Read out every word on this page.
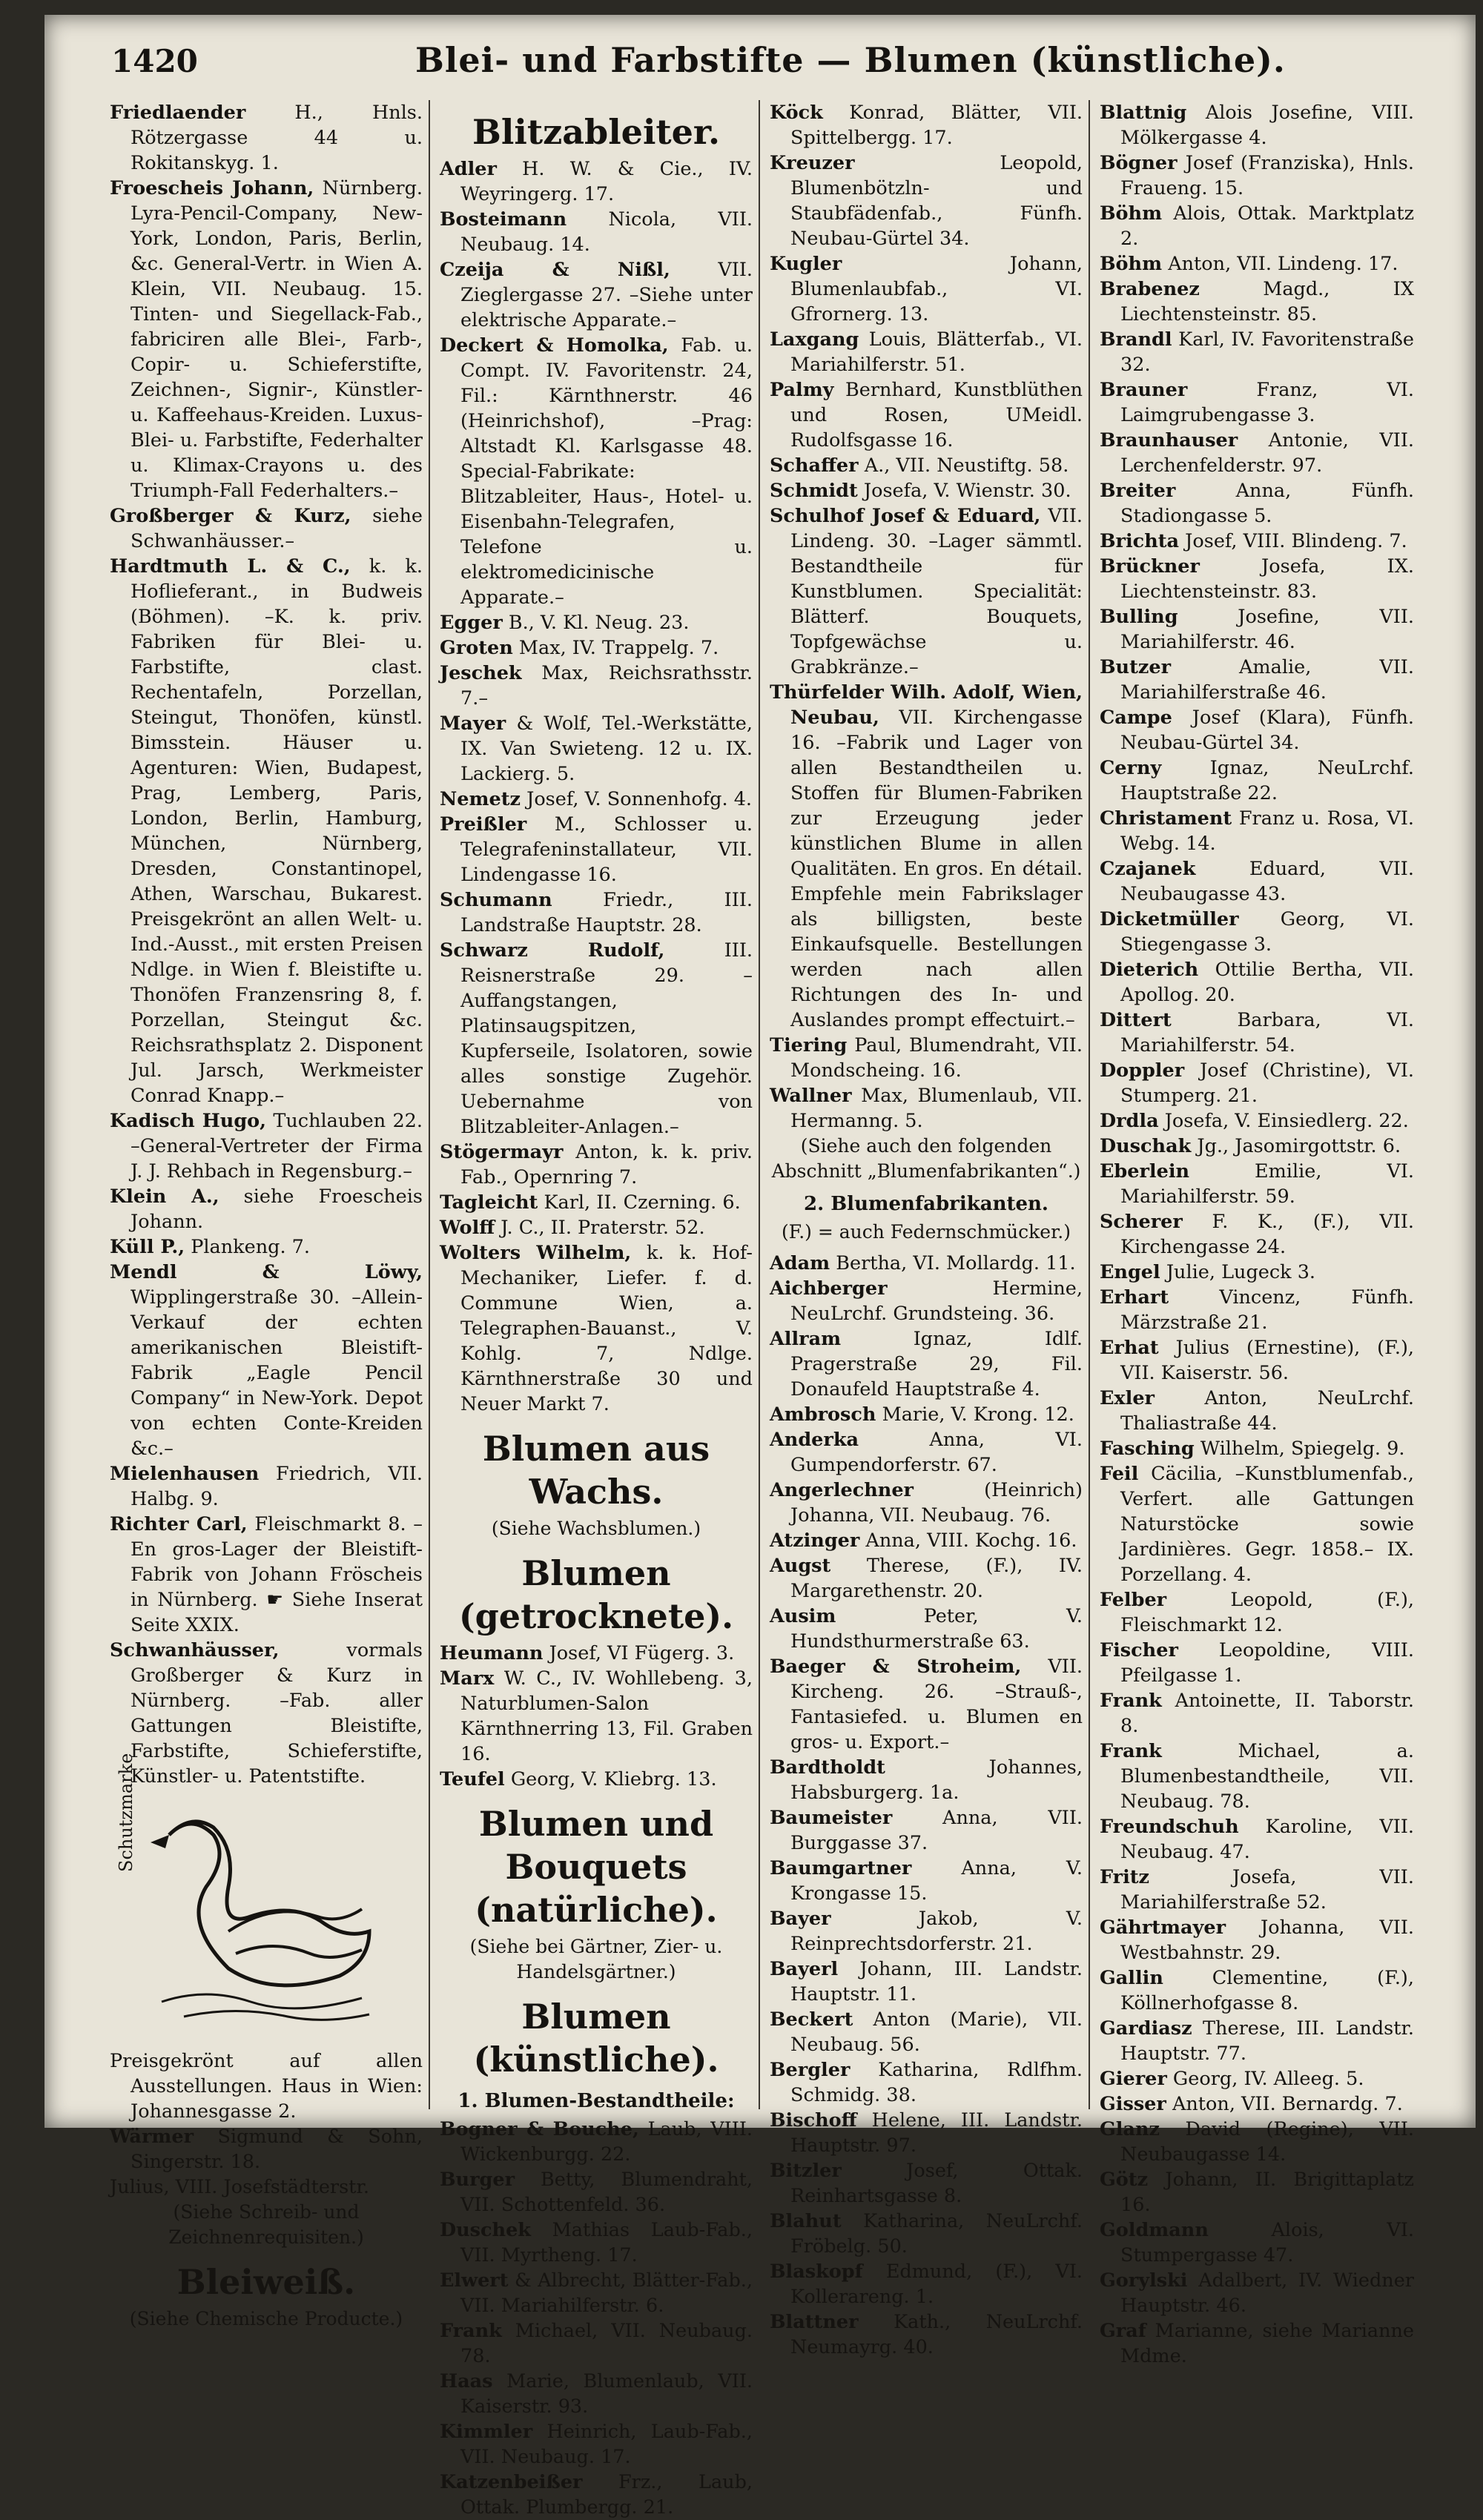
1420	Blei- und Farbstifte — Blumen (künstliche).

Friedlaender	H., Hnls. Rötzergasse 44 u. Rokitanskyg. 1.

Froescheis Johann, Nürnberg. Lyra-Pencil-Company, New-York, London, Paris, Berlin, &c. General-Vertr. in Wien A. Klein, VII. Neubaug. 15. Tinten- und Siegellack-Fab., fabriciren alle Blei-, Farb-, Copir- u. Schieferstifte, Zeichnen-, Signir-, Künstler- u. Kaffeehaus-Kreiden. Luxus-Blei- u. Farbstifte, Federhalter u. Klimax-Crayons u. des Triumph-Fall Federhalters.–

Großberger & Kurz, siehe Schwanhäusser.–

Hardtmuth L. & C., k. k. Hoflieferant., in Budweis (Böhmen). –K. k. priv. Fabriken für Blei- u. Farbstifte, clast. Rechentafeln, Porzellan, Steingut, Thonöfen, künstl. Bimsstein. Häuser u. Agenturen: Wien, Budapest, Prag, Lemberg, Paris, London, Berlin, Hamburg, München, Nürnberg, Dresden, Constantinopel, Athen, Warschau, Bukarest. Preisgekrönt an allen Welt- u. Ind.-Ausst., mit ersten Preisen Ndlge. in Wien f. Bleistifte u. Thonöfen Franzensring 8, f. Porzellan, Steingut &c. Reichsrathsplatz 2. Disponent Jul. Jarsch, Werkmeister Conrad Knapp.–

Kadisch Hugo, Tuchlauben 22. –General-Vertreter der Firma J. J. Rehbach in Regensburg.–

Klein A., siehe Froescheis Johann.

Küll P., Plankeng. 7.

Mendl & Löwy, Wipplingerstraße 30. –Allein-Verkauf der echten amerikanischen Bleistift-Fabrik „Eagle Pencil Company“ in New-York. Depot von echten Conte-Kreiden &c.–

Mielenhausen Friedrich, VII. Halbg. 9.

Richter Carl, Fleischmarkt 8. –En gros-Lager der Bleistift-Fabrik von Johann Fröscheis in Nürnberg. ☛ Siehe Inserat Seite XXIX.

Schwanhäusser,	vormals Großberger & Kurz in Nürnberg. –Fab. aller Gattungen Bleistifte, Farbstifte, Schieferstifte, Künstler- u. Patentstifte.

Schutzmarke

Preisgekrönt auf allen Ausstellungen. Haus in Wien: Johannesgasse 2.

Wärmer Sigmund & Sohn, Singerstr. 18.

Julius, VIII. Josefstädterstr.

(Siehe Schreib- und Zeichnenrequisiten.)
Bleiweiß.
(Siehe Chemische Producte.)
Blitzableiter.

Adler H. W. & Cie., IV. Weyringerg. 17.

Bosteimann Nicola, VII. Neubaug. 14.

Czeija & Nißl,	VII. Zieglergasse 27. –Siehe unter elektrische Apparate.–

Deckert & Homolka, Fab. u. Compt. IV. Favoritenstr. 24, Fil.: Kärnthnerstr. 46 (Heinrichshof), –Prag: Altstadt Kl. Karlsgasse 48. Special-Fabrikate: Blitzableiter, Haus-, Hotel- u. Eisenbahn-Telegrafen, Telefone u. elektromedicinische Apparate.–

Egger B., V. Kl. Neug. 23.

Groten Max, IV. Trappelg. 7.

Jeschek Max, Reichsrathsstr. 7.–

Mayer & Wolf, Tel.-Werkstätte, IX. Van Swieteng. 12 u. IX. Lackierg. 5.

Nemetz Josef, V. Sonnenhofg. 4.

Preißler M., Schlosser u. Telegrafeninstallateur, VII. Lindengasse 16.

Schumann	Friedr., III. Landstraße Hauptstr. 28.

Schwarz Rudolf,	III. Reisnerstraße 29. –Auffangstangen, Platinsaugspitzen, Kupferseile, Isolatoren, sowie alles sonstige Zugehör. Uebernahme von Blitzableiter-Anlagen.–

Stögermayr Anton, k. k. priv. Fab., Opernring 7.

Tagleicht Karl, II. Czerning. 6.

Wolff J. C., II. Praterstr. 52.

Wolters Wilhelm, k. k. Hof-Mechaniker, Liefer. f. d. Commune Wien, a. Telegraphen-Bauanst., V. Kohlg. 7, Ndlge. Kärnthnerstraße 30 und Neuer Markt 7.

Blumen aus Wachs.
(Siehe Wachsblumen.)
Blumen (getrocknete).

Heumann Josef, VI Fügerg. 3.

Marx W. C., IV. Wohllebeng. 3, Naturblumen-Salon Kärnthnerring 13, Fil. Graben 16.

Teufel Georg, V. Kliebrg. 13.

Blumen und Bouquets (natürliche).
(Siehe bei Gärtner, Zier- u. Handelsgärtner.)
Blumen (künstliche).
1. Blumen-Bestandtheile:

Bogner & Bouche, Laub, VIII. Wickenburgg. 22.

Burger Betty, Blumendraht, VII. Schottenfeld. 36.

Duschek Mathias Laub-Fab., VII. Myrtheng. 17.

Elwert & Albrecht, Blätter-Fab., VII. Mariahilferstr. 6.

Frank Michael, VII. Neubaug. 78.

Haas Marie, Blumenlaub, VII. Kaiserstr. 93.

Kimmler Heinrich, Laub-Fab., VII. Neubaug. 17.

Katzenbeißer Frz., Laub, Ottak. Plumbergg. 21.

Köck Konrad, Blätter, VII. Spittelbergg. 17.

Kreuzer	Leopold, Blumenbötzln- und Staubfädenfab., Fünfh. Neubau-Gürtel 34.

Kugler	Johann, Blumenlaubfab., VI. Gfrornerg. 13.

Laxgang Louis, Blätterfab., VI. Mariahilferstr. 51.

Palmy Bernhard, Kunstblüthen und Rosen, UMeidl. Rudolfsgasse 16.

Schaffer A., VII. Neustiftg. 58.

Schmidt Josefa, V. Wienstr. 30.

Schulhof Josef & Eduard, VII. Lindeng. 30. –Lager sämmtl. Bestandtheile für Kunstblumen. Specialität: Blätterf. Bouquets, Topfgewächse u. Grabkränze.–

Thürfelder Wilh. Adolf, Wien, Neubau, VII. Kirchengasse 16. –Fabrik und Lager von allen Bestandtheilen u. Stoffen für Blumen-Fabriken zur Erzeugung jeder künstlichen Blume in allen Qualitäten. En gros. En détail. Empfehle mein Fabrikslager als billigsten, beste Einkaufsquelle. Bestellungen werden nach allen Richtungen des In- und Auslandes prompt effectuirt.–

Tiering Paul, Blumendraht, VII. Mondscheing. 16.

Wallner Max, Blumenlaub, VII. Hermanng. 5.

(Siehe auch den folgenden Abschnitt „Blumenfabrikanten“.)
2. Blumenfabrikanten.
(F.) = auch Federnschmücker.)

Adam Bertha, VI. Mollardg. 11.

Aichberger	Hermine, NeuLrchf. Grundsteing. 36.

Allram	Ignaz, Idlf. Pragerstraße 29, Fil. Donaufeld Hauptstraße 4.

Ambrosch Marie, V. Krong. 12.

Anderka	Anna, VI. Gumpendorferstr. 67.

Angerlechner	(Heinrich) Johanna, VII. Neubaug. 76.

Atzinger Anna, VIII. Kochg. 16.

Augst Therese, (F.), IV. Margarethenstr. 20.

Ausim	Peter, V. Hundsthurmerstraße 63.

Baeger & Stroheim, VII. Kircheng. 26. –Strauß-, Fantasiefed. u. Blumen en gros- u. Export.–

Bardtholdt	Johannes, Habsburgerg. 1a.

Baumeister	Anna, VII. Burggasse 37.

Baumgartner	Anna, V. Krongasse 15.

Bayer	Jakob, V. Reinprechtsdorferstr. 21.

Bayerl Johann, III. Landstr. Hauptstr. 11.

Beckert Anton (Marie), VII. Neubaug. 56.

Bergler Katharina, Rdlfhm. Schmidg. 38.

Bischoff Helene, III. Landstr. Hauptstr. 97.

Bitzler	Josef, Ottak. Reinhartsgasse 8.

Blahut Katharina, NeuLrchf. Fröbelg. 50.

Blaskopf Edmund, (F.), VI. Kollerareng. 1.

Blattner Kath., NeuLrchf. Neumayrg. 40.

Blattnig Alois Josefine, VIII. Mölkergasse 4.

Bögner Josef (Franziska), Hnls. Fraueng. 15.

Böhm Alois, Ottak. Marktplatz 2.

Böhm Anton, VII. Lindeng. 17.

Brabenez	Magd., IX Liechtensteinstr. 85.

Brandl Karl, IV. Favoritenstraße 32.

Brauner	Franz, VI. Laimgrubengasse 3.

Braunhauser Antonie, VII. Lerchenfelderstr. 97.

Breiter	Anna, Fünfh. Stadiongasse 5.

Brichta Josef, VIII. Blindeng. 7.

Brückner	Josefa, IX. Liechtensteinstr. 83.

Bulling	Josefine, VII. Mariahilferstr. 46.

Butzer	Amalie, VII. Mariahilferstraße 46.

Campe Josef (Klara), Fünfh. Neubau-Gürtel 34.

Cerny	Ignaz, NeuLrchf. Hauptstraße 22.

Christament Franz u. Rosa, VI. Webg. 14.

Czajanek	Eduard, VII. Neubaugasse 43.

Dicketmüller Georg, VI. Stiegengasse 3.

Dieterich Ottilie Bertha, VII. Apollog. 20.

Dittert	Barbara, VI. Mariahilferstr. 54.

Doppler Josef (Christine), VI. Stumperg. 21.

Drdla Josefa, V. Einsiedlerg. 22.

Duschak Jg., Jasomirgottstr. 6.

Eberlein	Emilie, VI. Mariahilferstr. 59.

Scherer F. K., (F.), VII. Kirchengasse 24.

Engel Julie, Lugeck 3.

Erhart	Vincenz, Fünfh. Märzstraße 21.

Erhat Julius (Ernestine), (F.), VII. Kaiserstr. 56.

Exler	Anton, NeuLrchf. Thaliastraße 44.

Fasching Wilhelm, Spiegelg. 9.

Feil Cäcilia, –Kunstblumenfab., Verfert. alle Gattungen Naturstöcke sowie Jardinières. Gegr. 1858.– IX. Porzellang. 4.

Felber	Leopold, (F.), Fleischmarkt 12.

Fischer Leopoldine, VIII. Pfeilgasse 1.

Frank Antoinette, II. Taborstr. 8.

Frank	Michael, a. Blumenbestandtheile, VII. Neubaug. 78.

Freundschuh Karoline, VII. Neubaug. 47.

Fritz	Josefa, VII. Mariahilferstraße 52.

Gährtmayer Johanna, VII. Westbahnstr. 29.

Gallin	Clementine, (F.), Köllnerhofgasse 8.

Gardiasz Therese, III. Landstr. Hauptstr. 77.

Gierer Georg, IV. Alleeg. 5.

Gisser Anton, VII. Bernardg. 7.

Glanz David (Regine), VII. Neubaugasse 14.

Götz Johann, II. Brigittaplatz 16.

Goldmann	Alois, VI. Stumpergasse 47.

Gorylski Adalbert, IV. Wiedner Hauptstr. 46.

Graf Marianne, siehe Marianne Mdme.
